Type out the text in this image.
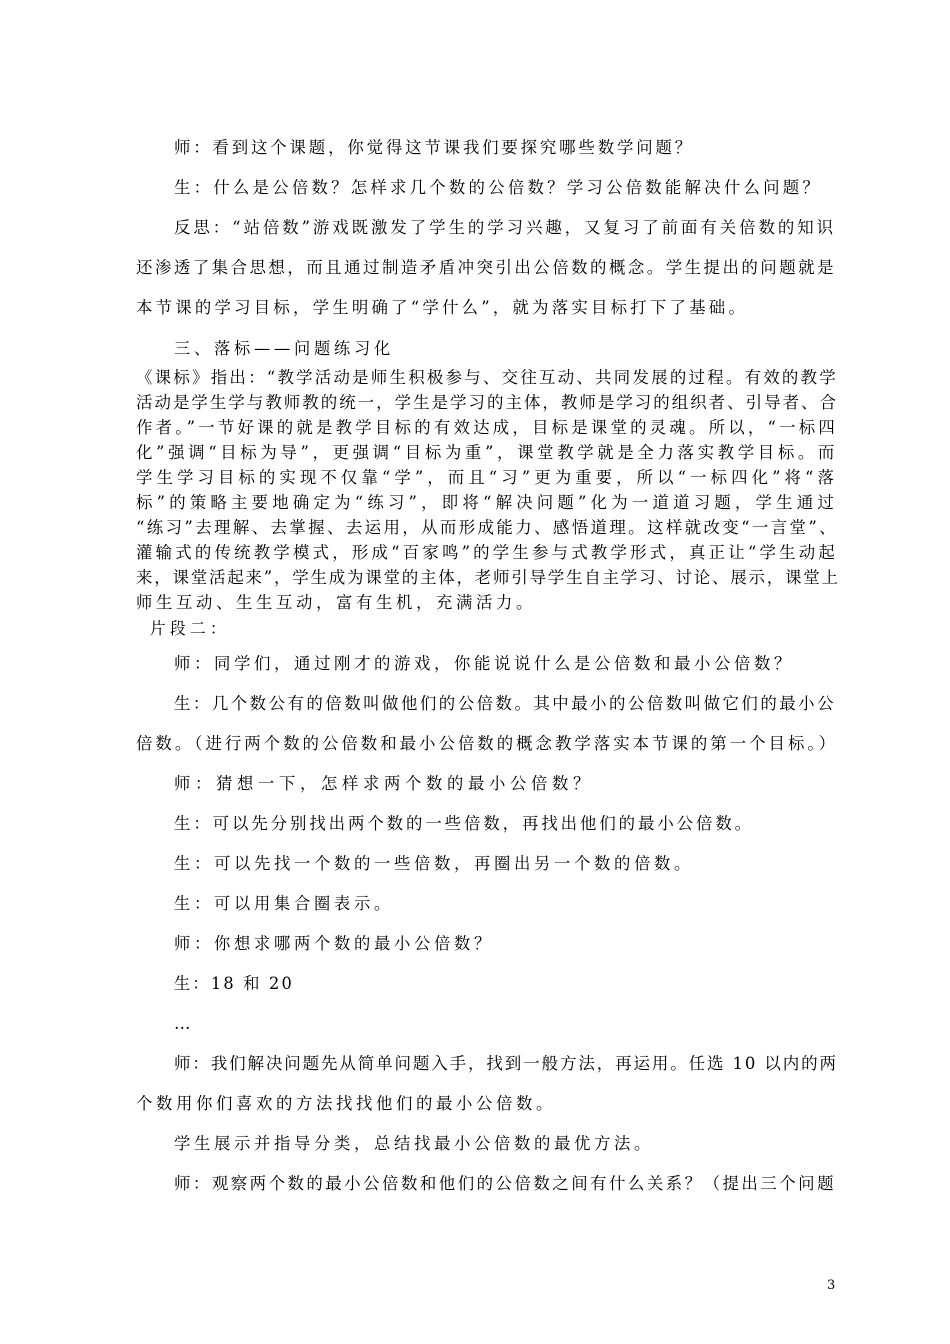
师：看到这个课题，你觉得这节课我们要探究哪些数学问题？
生：什么是公倍数？怎样求几个数的公倍数？学习公倍数能解决什么问题？
反思：“站倍数”游戏既激发了学生的学习兴趣，又复习了前面有关倍数的知识
还渗透了集合思想，而且通过制造矛盾冲突引出公倍数的概念。学生提出的问题就是
本节课的学习目标，学生明确了“学什么”，就为落实目标打下了基础。
三、落标——问题练习化
《课标》指出：“教学活动是师生积极参与、交往互动、共同发展的过程。有效的教学
活动是学生学与教师教的统一，学生是学习的主体，教师是学习的组织者、引导者、合
作者。”一节好课的就是教学目标的有效达成，目标是课堂的灵魂。所以，“一标四
化”强调“目标为导”，更强调“目标为重”，课堂教学就是全力落实教学目标。而
学生学习目标的实现不仅靠“学”，而且“习”更为重要，所以“一标四化”将“落
标”的策略主要地确定为“练习”，即将“解决问题”化为一道道习题，学生通过
“练习”去理解、去掌握、去运用，从而形成能力、感悟道理。这样就改变“一言堂”、
灌输式的传统教学模式，形成“百家鸣”的学生参与式教学形式，真正让“学生动起
来，课堂活起来”，学生成为课堂的主体，老师引导学生自主学习、讨论、展示，课堂上
师生互动、生生互动，富有生机，充满活力。
片段二：
师：同学们，通过刚才的游戏，你能说说什么是公倍数和最小公倍数？
生：几个数公有的倍数叫做他们的公倍数。其中最小的公倍数叫做它们的最小公
倍数。（进行两个数的公倍数和最小公倍数的概念教学落实本节课的第一个目标。）
师：猜想一下，怎样求两个数的最小公倍数？
生：可以先分别找出两个数的一些倍数，再找出他们的最小公倍数。
生：可以先找一个数的一些倍数，再圈出另一个数的倍数。
生：可以用集合圈表示。
师：你想求哪两个数的最小公倍数？
生：18 和 20
…
师：我们解决问题先从简单问题入手，找到一般方法，再运用。任选 10 以内的两
个数用你们喜欢的方法找找他们的最小公倍数。
学生展示并指导分类，总结找最小公倍数的最优方法。
师：观察两个数的最小公倍数和他们的公倍数之间有什么关系？（提出三个问题
3
